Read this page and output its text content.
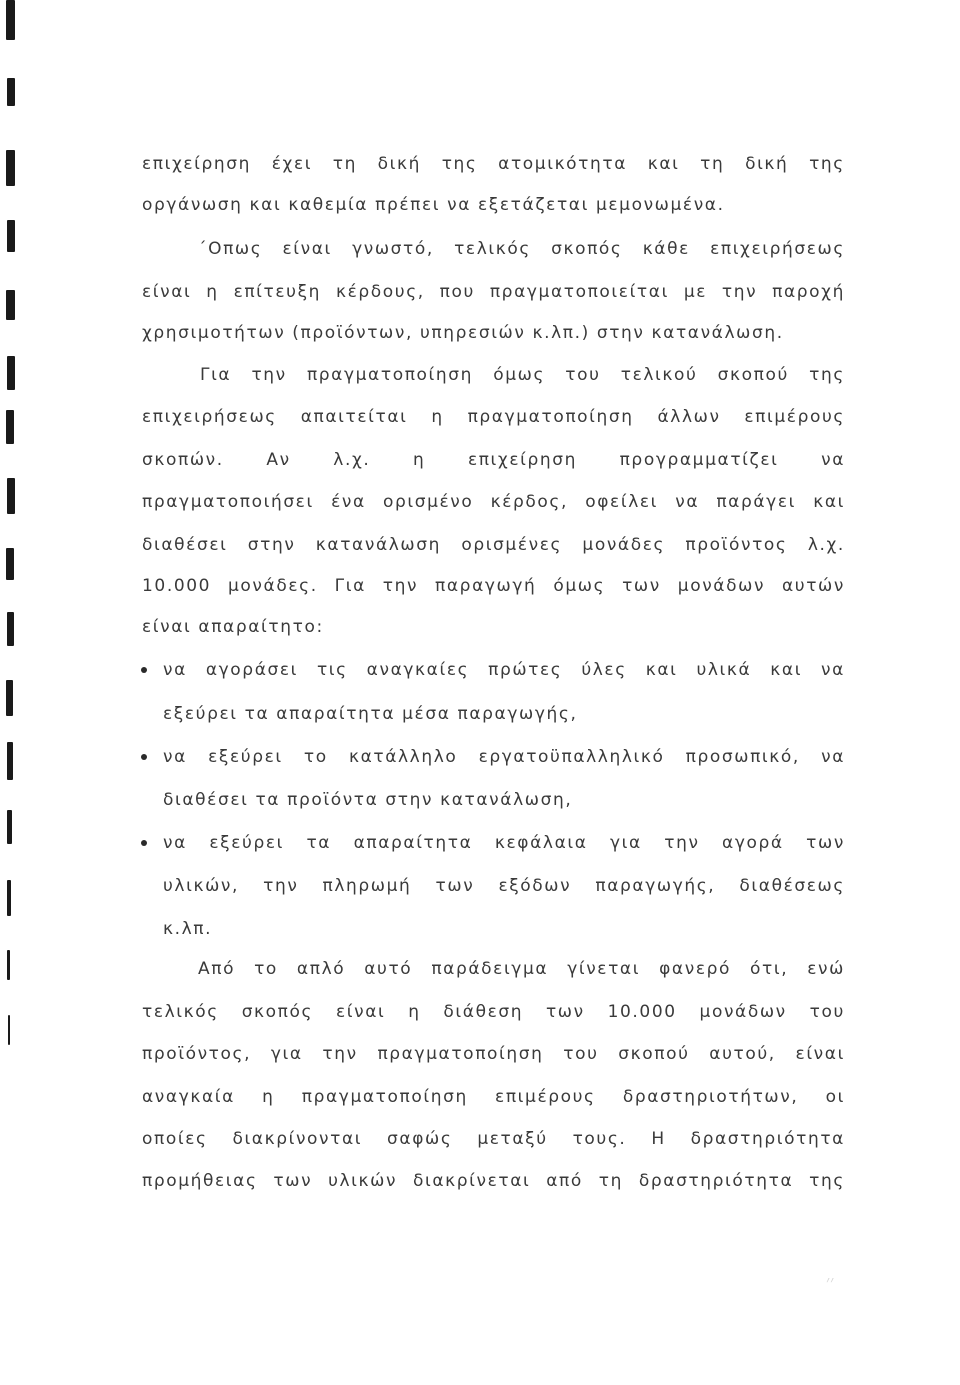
επιχείρηση έχει τη δική της ατομικότητα και τη δική της
οργάνωση και καθεμία πρέπει να εξετάζεται μεμονωμένα.
΄Οπως είναι γνωστό, τελικός σκοπός κάθε επιχειρήσεως
είναι η επίτευξη κέρδους, που πραγματοποιείται με την παροχή
χρησιμοτήτων (προϊόντων, υπηρεσιών κ.λπ.) στην κατανάλωση.
Για την πραγματοποίηση όμως του τελικού σκοπού της
επιχειρήσεως απαιτείται η πραγματοποίηση άλλων επιμέρους
σκοπών.	Αν	λ.χ.	η	επιχείρηση	προγραμματίζει	να
πραγματοποιήσει ένα ορισμένο κέρδος, οφείλει να παράγει και
διαθέσει στην κατανάλωση ορισμένες μονάδες προϊόντος λ.χ.
10.000 μονάδες. Για την παραγωγή όμως των μονάδων αυτών
είναι απαραίτητο:
να αγοράσει τις αναγκαίες πρώτες ύλες και υλικά και να
εξεύρει τα απαραίτητα μέσα παραγωγής,
να εξεύρει το κατάλληλο εργατοϋπαλληλικό προσωπικό, να
διαθέσει τα προϊόντα στην κατανάλωση,
να εξεύρει τα απαραίτητα κεφάλαια για την αγορά των
υλικών, την πληρωμή των εξόδων παραγωγής, διαθέσεως
κ.λπ.
Από το απλό αυτό παράδειγμα γίνεται φανερό ότι, ενώ
τελικός σκοπός είναι η διάθεση των 10.000 μονάδων του
προϊόντος, για την πραγματοποίηση του σκοπού αυτού, είναι
αναγκαία η πραγματοποίηση επιμέρους δραστηριοτήτων, οι
οποίες διακρίνονται σαφώς μεταξύ τους. Η δραστηριότητα
προμήθειας των υλικών διακρίνεται από τη δραστηριότητα της
׳׳
